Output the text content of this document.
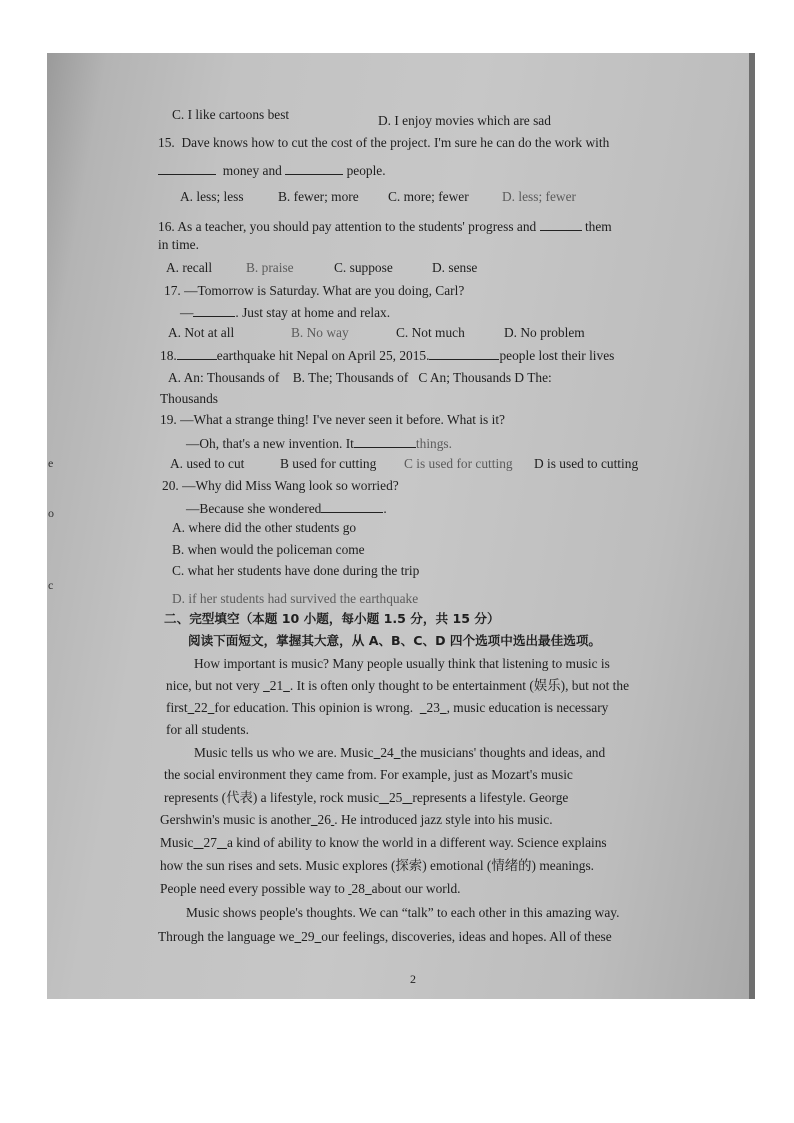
e
o
c
C. I like cartoons best	D. I enjoy movies which are sad
15. Dave knows how to cut the cost of the project. I'm sure he can do the work with
money and	people.
A. less; less	B. fewer; more C. more; fewer D. less; fewer
16. As a teacher, you should pay attention to the students' progress and	them
in time.
A. recall	B. praise	C. suppose	D. sense
17. —Tomorrow is Saturday. What are you doing, Carl?
—	. Just stay at home and relax.
A. Not at all	B. No way	C. Not much	D. No problem
18.	earthquake hit Nepal on April 25, 2015.	people lost their lives
A. An: Thousands of    B. The; Thousands of   C An; Thousands D The:
Thousands
19. —What a strange thing! I've never seen it before. What is it?
—Oh, that's a new invention. It	things.
A. used to cut	B used for cutting C is used for cutting D is used to cutting
20. —Why did Miss Wang look so worried?
—Because she wondered	.
A. where did the other students go
B. when would the policeman come
C. what her students have done during the trip
D. if her students had survived the earthquake
二、完型填空（本题 10 小题，每小题 1.5 分，共 15 分）
阅读下面短文，掌握其大意，从 A、B、C、D 四个选项中选出最佳选项。
How important is music? Many people usually think that listening to music is
nice, but not very 21 . It is often only thought to be entertainment (娱乐), but not the
first 22 for education. This opinion is wrong. 23 , music education is necessary
for all students.
Music tells us who we are. Music 24 the musicians' thoughts and ideas, and
the social environment they came from. For example, just as Mozart's music
represents (代表) a lifestyle, rock music 25 represents a lifestyle. George
Gershwin's music is another 26 . He introduced jazz style into his music.
Music 27 a kind of ability to know the world in a different way. Science explains
how the sun rises and sets. Music explores (探索) emotional (情绪的) meanings.
People need every possible way to 28 about our world.
Music shows people's thoughts. We can “talk” to each other in this amazing way.
Through the language we 29 our feelings, discoveries, ideas and hopes. All of these
2
